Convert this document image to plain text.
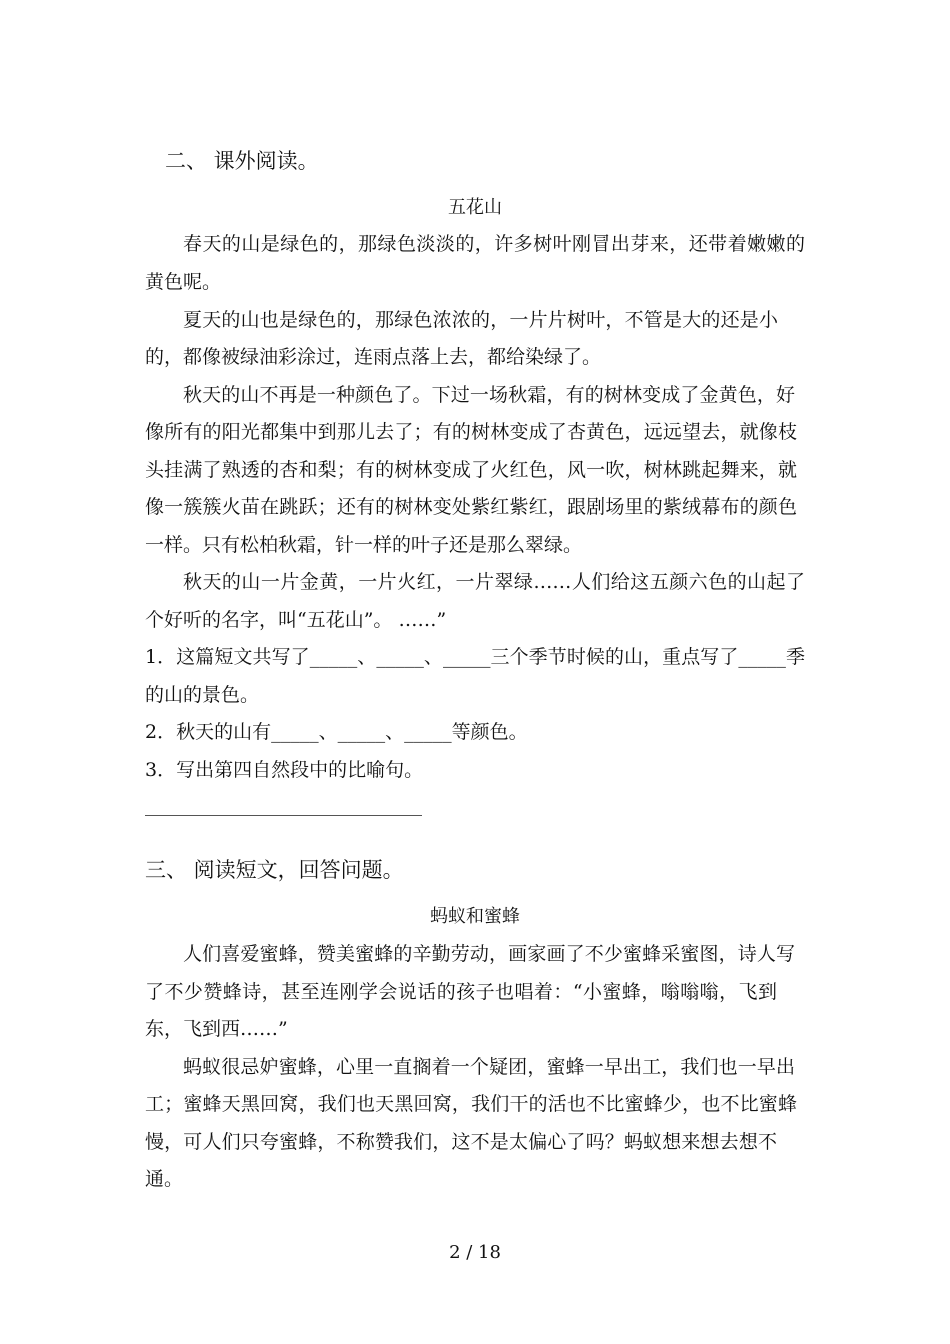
二、 课外阅读。
五花山
春天的山是绿色的，那绿色淡淡的，许多树叶刚冒出芽来，还带着嫩嫩的
黄色呢。
夏天的山也是绿色的，那绿色浓浓的，一片片树叶，不管是大的还是小
的，都像被绿油彩涂过，连雨点落上去，都给染绿了。
秋天的山不再是一种颜色了。下过一场秋霜，有的树林变成了金黄色，好
像所有的阳光都集中到那儿去了；有的树林变成了杏黄色，远远望去，就像枝
头挂满了熟透的杏和梨；有的树林变成了火红色，风一吹，树林跳起舞来，就
像一簇簇火苗在跳跃；还有的树林变处紫红紫红，跟剧场里的紫绒幕布的颜色
一样。只有松柏秋霜，针一样的叶子还是那么翠绿。
秋天的山一片金黄，一片火红，一片翠绿……人们给这五颜六色的山起了
个好听的名字，叫“五花山”。 ……”
1．这篇短文共写了_____、_____、_____三个季节时候的山，重点写了_____季
的山的景色。
2．秋天的山有_____、_____、_____等颜色。
3．写出第四自然段中的比喻句。
三、 阅读短文，回答问题。
蚂蚁和蜜蜂
人们喜爱蜜蜂，赞美蜜蜂的辛勤劳动，画家画了不少蜜蜂采蜜图，诗人写
了不少赞蜂诗，甚至连刚学会说话的孩子也唱着：“小蜜蜂，嗡嗡嗡，飞到
东，飞到西……”
蚂蚁很忌妒蜜蜂，心里一直搁着一个疑团，蜜蜂一早出工，我们也一早出
工；蜜蜂天黑回窝，我们也天黑回窝，我们干的活也不比蜜蜂少，也不比蜜蜂
慢，可人们只夸蜜蜂，不称赞我们，这不是太偏心了吗？蚂蚁想来想去想不
通。
2 / 18
